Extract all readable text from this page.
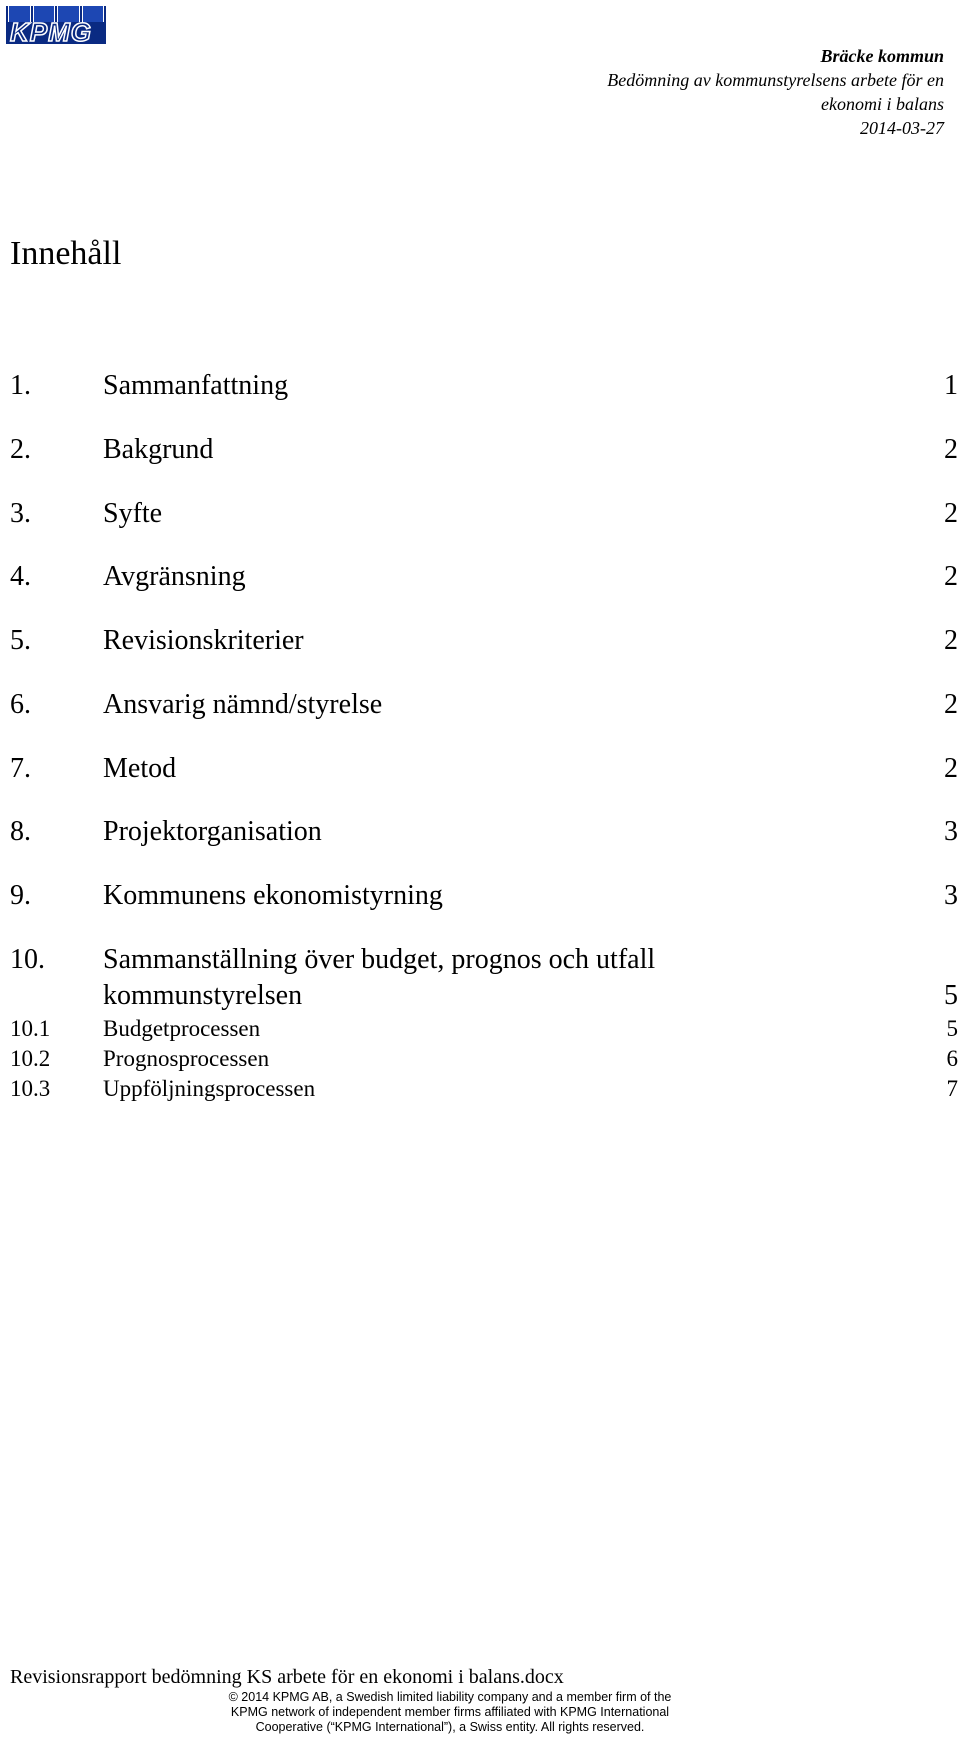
KPMG
Bräcke kommun
Bedömning av kommunstyrelsens arbete för en
ekonomi i balans
2014-03-27
Innehåll
1.	Sammanfattning	1
2.	Bakgrund	2
3.	Syfte	2
4.	Avgränsning	2
5.	Revisionskriterier	2
6.	Ansvarig nämnd/styrelse	2
7.	Metod	2
8.	Projektorganisation	3
9.	Kommunens ekonomistyrning	3
10. Sammanställning över budget, prognos och utfall
kommunstyrelsen	5
10.1 Budgetprocessen	5
10.2 Prognosprocessen	6
10.3 Uppföljningsprocessen	7
Revisionsrapport bedömning KS arbete för en ekonomi i balans.docx
© 2014 KPMG AB, a Swedish limited liability company and a member firm of the
KPMG network of independent member firms affiliated with KPMG International
Cooperative (“KPMG International”), a Swiss entity. All rights reserved.
